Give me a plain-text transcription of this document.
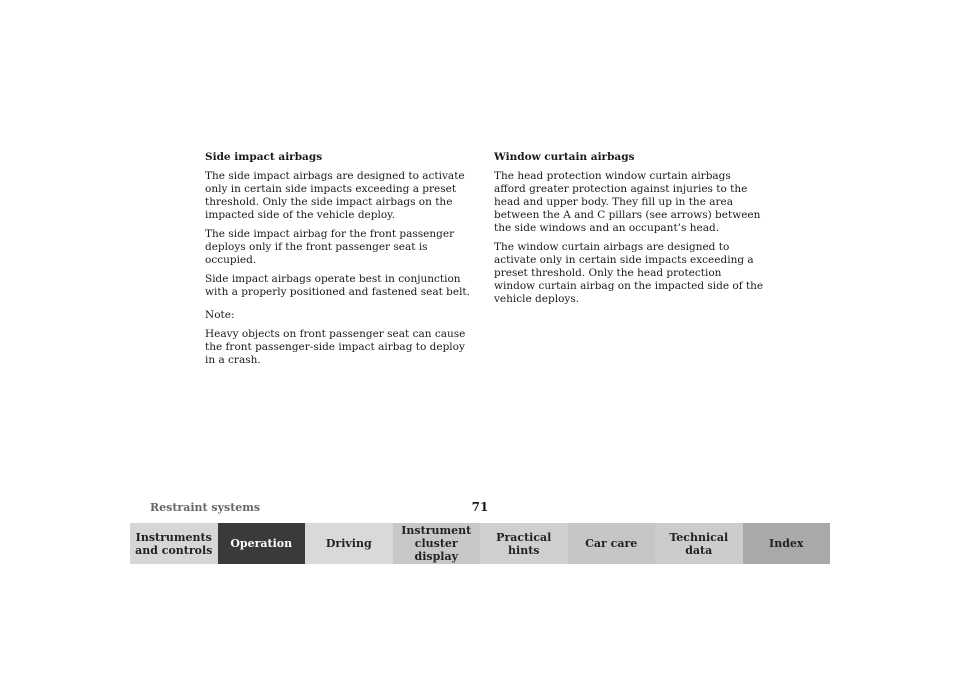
Side impact airbags

The side impact airbags are designed to activate only in certain side impacts exceeding a preset threshold. Only the side impact airbags on the impacted side of the vehicle deploy.

The side impact airbag for the front passenger deploys only if the front passenger seat is occupied.

Side impact airbags operate best in conjunction with a properly positioned and fastened seat belt.

Note:

Heavy objects on front passenger seat can cause the front passenger-side impact airbag to deploy in a crash.

Window curtain airbags

The head protection window curtain airbags afford greater protection against injuries to the head and upper body. They fill up in the area between the A and C pillars (see arrows) between the side windows and an occupant’s head.

The window curtain airbags are designed to activate only in certain side impacts exceeding a preset threshold. Only the head protection window curtain airbag on the impacted side of the vehicle deploys.

Restraint systems	71
Instruments
and controls Operation	Driving
Instrument
cluster display
Practical hints	Car care	Technical
data	Index
